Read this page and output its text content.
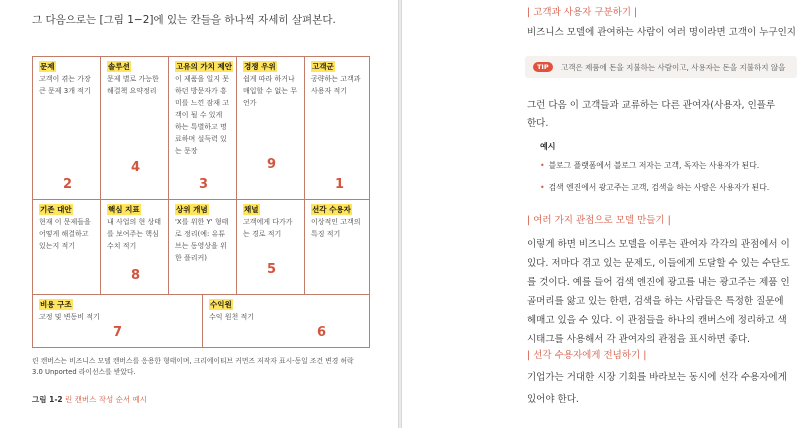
그 다음으로는 [그림 1−2]에 있는 칸들을 하나씩 자세히 살펴본다.
문제
고객이 겪는 가장
큰 문제 3개 적기
2
기존 대안
현재 이 문제들을
어떻게 해결하고
있는지 적기
솔루션
문제 별로 가능한
해결책 요약정리
4
핵심 지표
내 사업의 현 상태
를 보여주는 핵심
수치 적기
8
고유의 가치 제안
이 제품을 일지 못
하던 방문자가 흥
미를 느낀 잠재 고
객이 될 수 있게
하는 특별하고 명
료하며 설득력 있
는 문장
3
상위 개념
'X를 위한 Y' 형태
로 정리(예: 유튜
브는 동영상을 위
한 플리커)
경쟁 우위
쉽게 따라 하거나
매입할 수 없는 무
언가
9
채널
고객에게 다가가
는 경로 적기
5
고객군
공략하는 고객과
사용자 적기
1
선각 수용자
이상적인 고객의
특징 적기
비용 구조
고정 및 변동비 적기
7
수익원
수익 원천 적기
6
린 캔버스는 비즈니스 모델 캔버스를 응용한 형태이며, 크리에이티브 커먼즈 저작자 표시-동일 조건 변경 허락
3.0 Unported 라이선스를 받았다.
그림 1-2 린 캔버스 작성 순서 예시
| 고객과 사용자 구분하기 |
비즈니스 모델에 관여하는 사람이 여러 명이라면 고객이 누구인지
TIP	고객은 제품에 돈을 지불하는 사람이고, 사용자는 돈을 지불하지 않을
그런 다음 이 고객들과 교류하는 다른 관여자(사용자, 인플루
한다.
예시
• 블로그 플랫폼에서 블로그 저자는 고객, 독자는 사용자가 된다.
• 검색 엔진에서 광고주는 고객, 검색을 하는 사람은 사용자가 된다.
| 여러 가지 관점으로 모델 만들기 |
이렇게 하면 비즈니스 모델을 이루는 관여자 각각의 관점에서 이
있다. 저마다 겪고 있는 문제도, 이들에게 도달할 수 있는 수단도
를 것이다. 예를 들어 검색 엔진에 광고를 내는 광고주는 제품 인
골머리를 앓고 있는 한편, 검색을 하는 사람들은 특정한 질문에
헤매고 있을 수 있다. 이 관점들을 하나의 캔버스에 정리하고 색
시태그를 사용해서 각 관여자의 관점을 표시하면 좋다.
| 선각 수용자에게 전념하기 |
기업가는 거대한 시장 기회를 바라보는 동시에 선각 수용자에게
있어야 한다.
